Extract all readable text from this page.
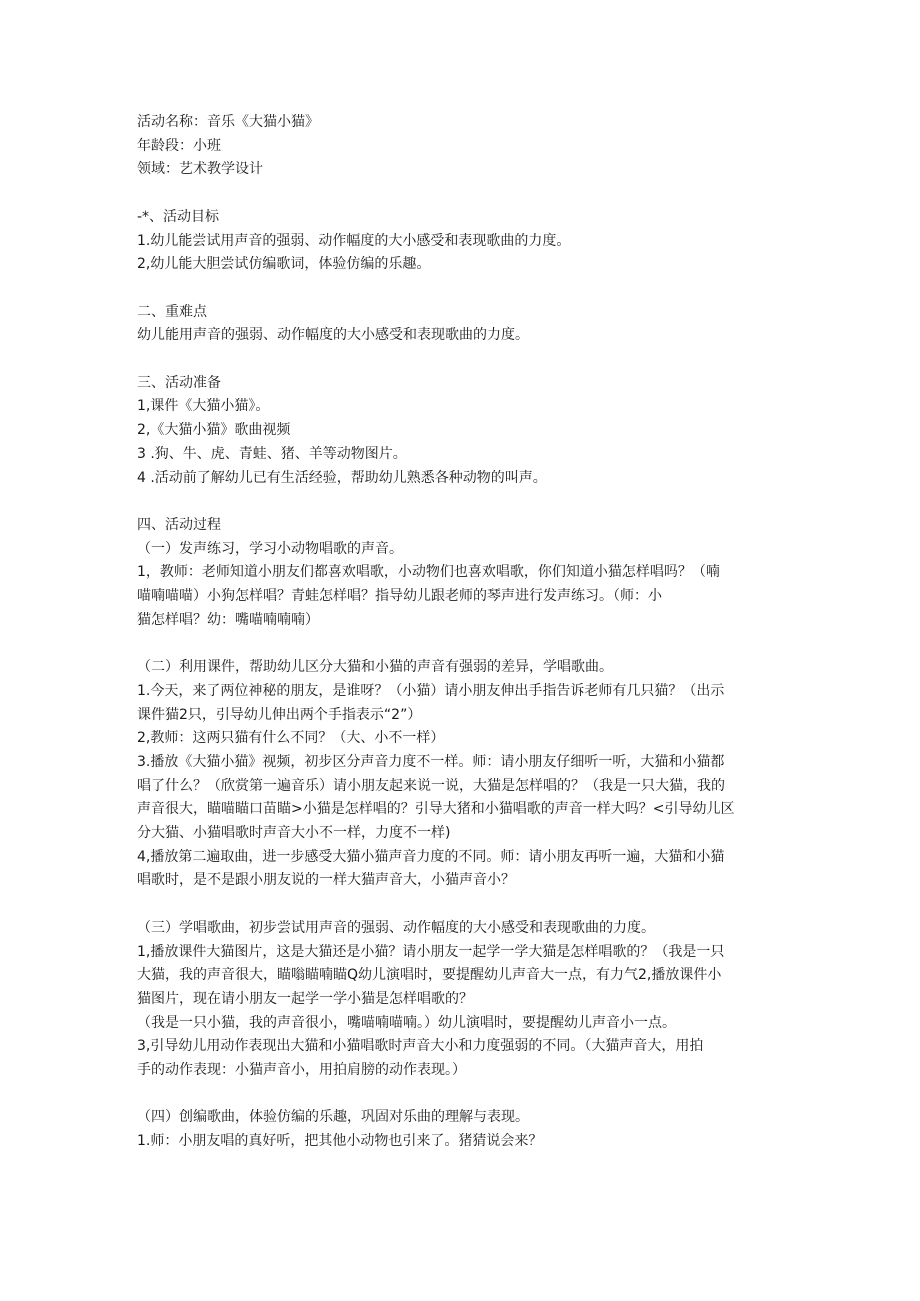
活动名称：音乐《大猫小猫》

年龄段：小班

领域：艺术教学设计

-*、活动目标

1.幼儿能尝试用声音的强弱、动作幅度的大小感受和表现歌曲的力度。

2,幼儿能大胆尝试仿编歌词，体验仿编的乐趣。

二、重难点

幼儿能用声音的强弱、动作幅度的大小感受和表现歌曲的力度。

三、活动准备

1,课件《大猫小猫》。

2,《大猫小猫》歌曲视频

3 .狗、牛、虎、青蛙、猪、羊等动物图片。

4 .活动前了解幼儿已有生活经验，帮助幼儿熟悉各种动物的叫声。

四、活动过程

（一）发声练习，学习小动物唱歌的声音。

1，教师：老师知道小朋友们都喜欢唱歌，小动物们也喜欢唱歌，你们知道小猫怎样唱吗？（喃

喵喃喵喵）小狗怎样唱？青蛙怎样唱？指导幼儿跟老师的琴声进行发声练习。（师：小

猫怎样唱？幼：嘴喵喃喃喃）

（二）利用课件，帮助幼儿区分大猫和小猫的声音有强弱的差异，学唱歌曲。

1.今天，来了两位神秘的朋友，是谁呀？（小猫）请小朋友伸出手指告诉老师有几只猫？（出示

课件猫2只，引导幼儿伸出两个手指表示“2”）

2,教师：这两只猫有什么不同？（大、小不一样）

3.播放《大猫小猫》视频，初步区分声音力度不一样。师：请小朋友仔细听一听，大猫和小猫都

唱了什么？（欣赏第一遍音乐）请小朋友起来说一说，大猫是怎样唱的？（我是一只大猫，我的

声音很大，瞄喵瞄口苗瞄>小猫是怎样唱的？引导大猪和小猫唱歌的声音一样大吗？<引导幼儿区

分大猫、小猫唱歌时声音大小不一样，力度不一样)

4,播放第二遍取曲，进一步感受大猫小猫声音力度的不同。师：请小朋友再听一遍，大猫和小猫

唱歌时，是不是跟小朋友说的一样大猫声音大，小猫声音小？

（三）学唱歌曲，初步尝试用声音的强弱、动作幅度的大小感受和表现歌曲的力度。

1,播放课件大猫图片，这是大猫还是小猫？请小朋友一起学一学大猫是怎样唱歌的？（我是一只

大猫，我的声音很大，瞄嗡瞄喃瞄Q幼儿演唱时，要提醒幼儿声音大一点，有力气2,播放课件小

猫图片，现在请小朋友一起学一学小猫是怎样唱歌的？

（我是一只小猫，我的声音很小，嘴喵喃喵喃。）幼儿演唱时，要提醒幼儿声音小一点。

3,引导幼儿用动作表现出大猫和小猫唱歌时声音大小和力度强弱的不同。（大猫声音大，用拍

手的动作表现：小猫声音小，用拍肩膀的动作表现。）

（四）创编歌曲，体验仿编的乐趣，巩固对乐曲的理解与表现。

1.师：小朋友唱的真好听，把其他小动物也引来了。猪猜说会来？
